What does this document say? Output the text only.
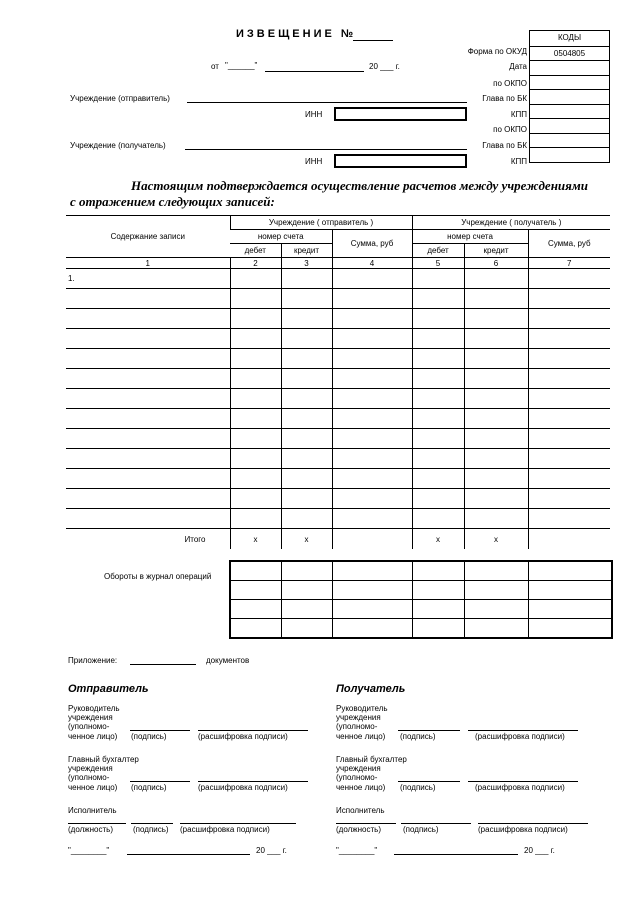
ИЗВЕЩЕНИЕ №
от "______"	20 ___ г.
КОДЫ
0504805
Форма по ОКУД
Дата
по ОКПО
Глава по БК
КПП
по ОКПО
Глава по БК
КПП
Учреждение (отправитель)
ИНН
Учреждение (получатель)
ИНН
Настоящим подтверждается осуществление расчетов между учреждениями
с отражением следующих записей:
Содержание записи	Учреждение ( отправитель )			Учреждение ( получатель )		
	номер счета		Сумма, руб	номер счета		Сумма, руб
	дебет	кредит		дебет	кредит	
1	2	3	4	5	6	7
1.						

Итого	х	х		х	х	
Обороты в журнал операций

Приложение:	документов
Отправитель
Руководитель
учреждения
(уполномо-
ченное лицо) (подпись)	(расшифровка подписи)
Главный бухгалтер
учреждения
(уполномо-
ченное лицо) (подпись)	(расшифровка подписи)
Исполнитель
(должность)	(подпись) (расшифровка подписи)
"________"	20 ___ г.
Получатель
Руководитель
учреждения
(уполномо-
ченное лицо) (подпись)	(расшифровка подписи)
Главный бухгалтер
учреждения
(уполномо-
ченное лицо) (подпись)	(расшифровка подписи)
Исполнитель
(должность)	(подпись)	(расшифровка подписи)
"________"	20 ___ г.
